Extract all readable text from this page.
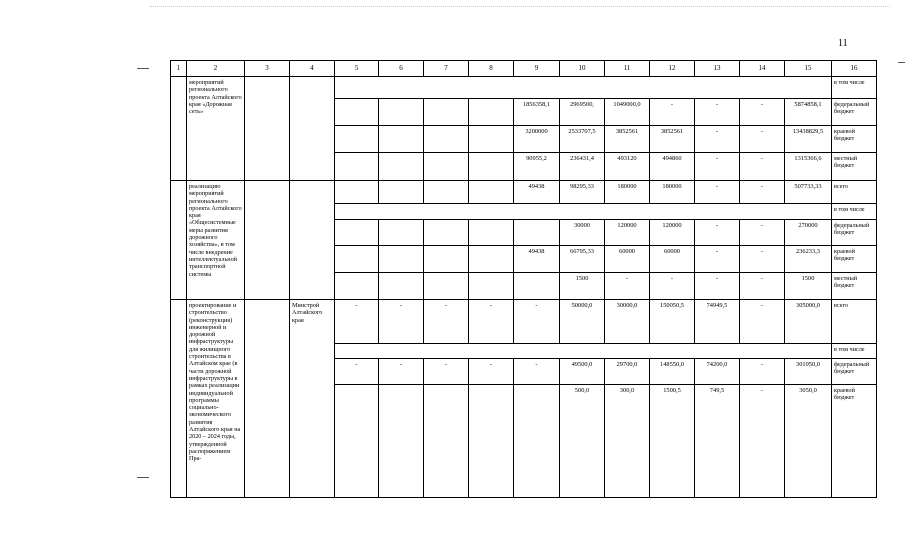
11
1	2	3	4	5	6	7	8	9	10	11	12	13	14	15	16
	мероприятий регионального проекта Алтайского края «Дорожная сеть»														в том числе
								1856358,1	2969500,	1049000,0	-	-	-	5874858,1	федеральный бюджет
								3200000	2533707,5	3852561	3852561	-	-	13438829,5	краевой бюджет
								90955,2	236431,4	493120	494860	-	-	1315366,6	местный бюджет
	реализацию мероприятий регионального проекта Алтайского края «Общесистемные меры развития дорожного хозяйства», в том числе внедрение интеллектуальной транспортной системы							49438	98295,33	180000	180000	-	-	507733,33	всего
															в том числе
									30000	120000	120000	-	-	270000	федеральный бюджет
								49438	66795,33	60000	60000	-	-	236233,3	краевой бюджет
									1500	-	-	-	-	1500	местный бюджет
	проектирование и строительство (реконструкция) инженерной и дорожной инфраструктуры для жилищного строительства в Алтайском крае (в части дорожной инфраструктуры в рамках реализации индивидуальной программы социально-экономического развития Алтайского края на 2020 – 2024 годы, утвержденной распоряжением Пра-		Минстрой Алтайского края	-	-	-	-	-	50000,0	30000,0	150050,5	74949,5	-	305000,0	всего
															в том числе
				-	-	-	-	-	49500,0	29700,0	148550,0	74200,0	-	301950,0	федеральный бюджет
									500,0	300,0	1500,5	749,5	-	3050,0	краевой бюджет
